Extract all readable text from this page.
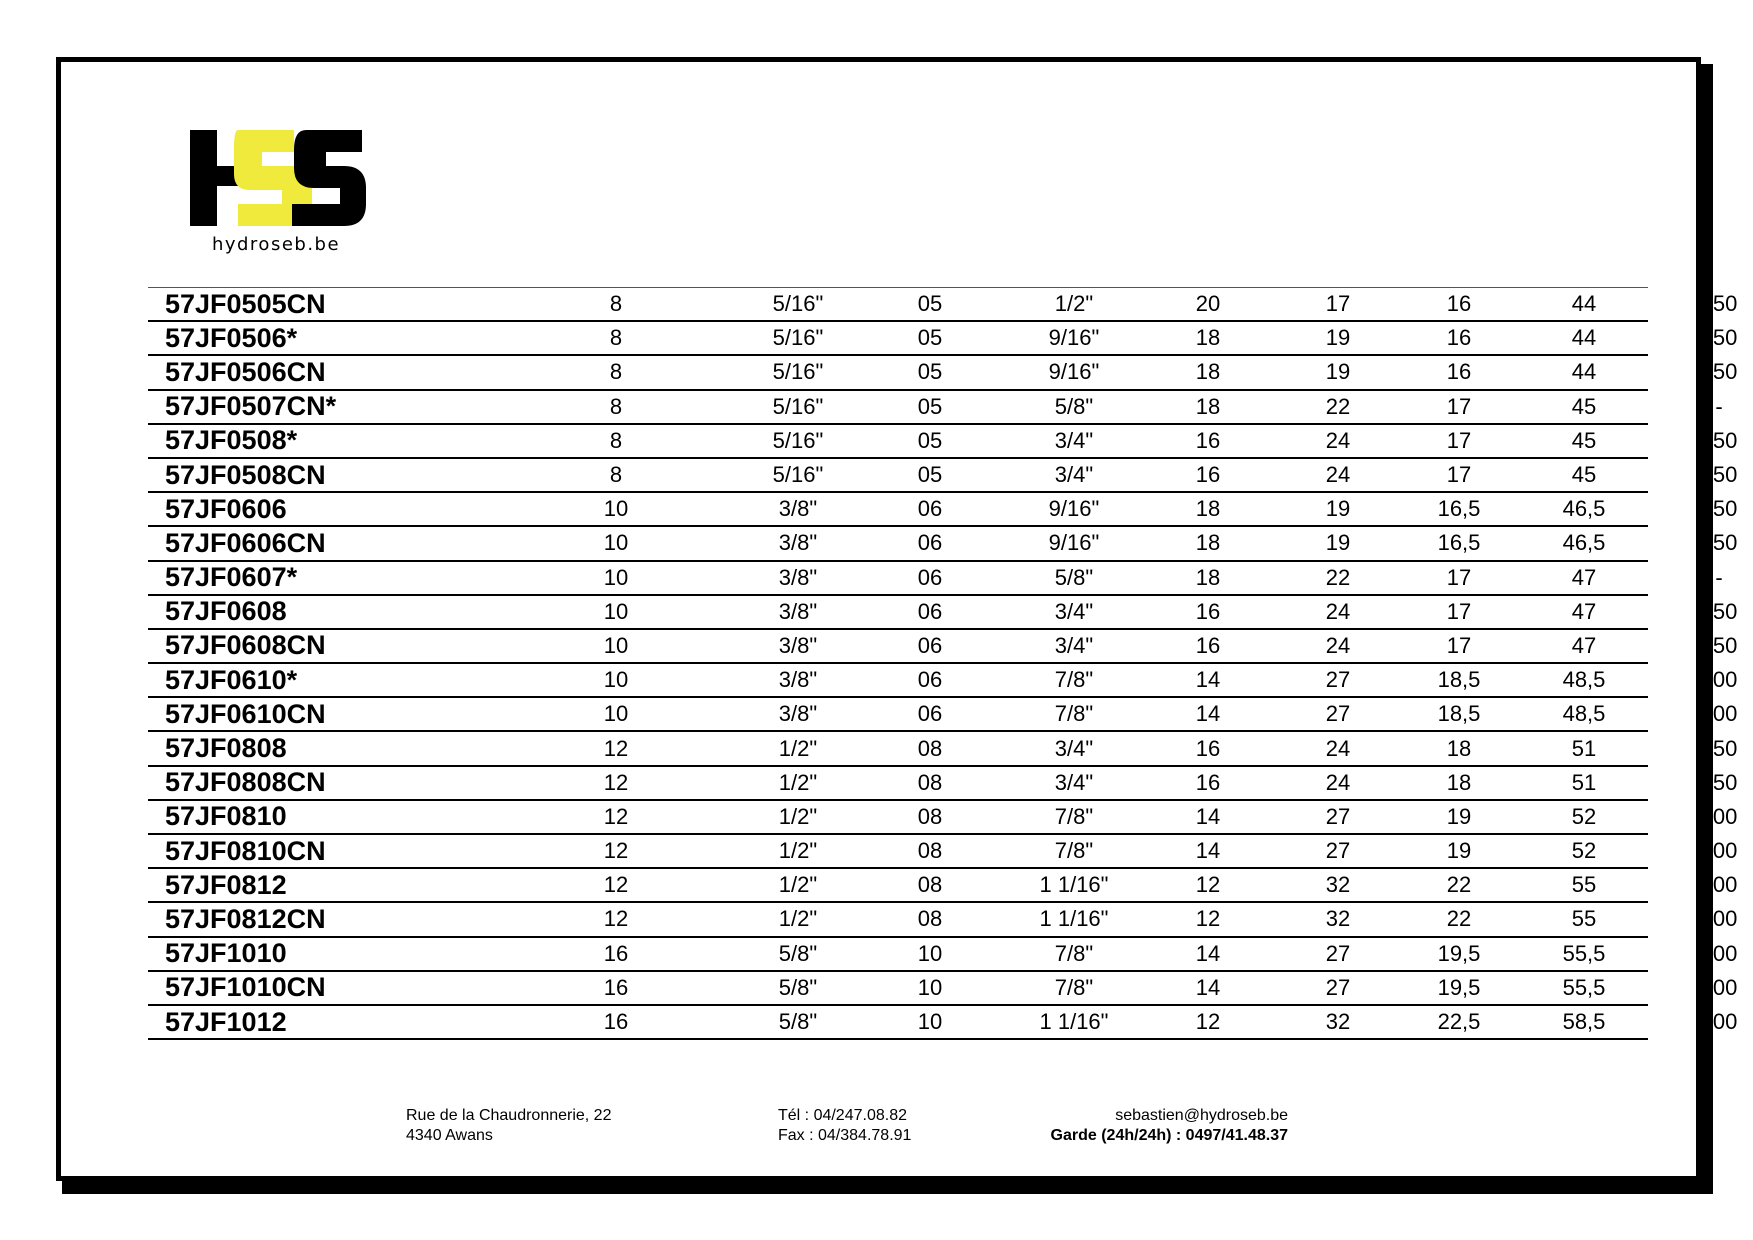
hydroseb.be
57JF0505CN	8	5/16"	05	1/2"	20	17	16	44	350
57JF0506*	8	5/16"	05	9/16"	18	19	16	44	250
57JF0506CN	8	5/16"	05	9/16"	18	19	16	44	250
57JF0507CN*	8	5/16"	05	5/8"	18	22	17	45	-
57JF0508*	8	5/16"	05	3/4"	16	24	17	45	250
57JF0508CN	8	5/16"	05	3/4"	16	24	17	45	250
57JF0606	10	3/8"	06	9/16"	18	19	16,5	46,5	250
57JF0606CN	10	3/8"	06	9/16"	18	19	16,5	46,5	250
57JF0607*	10	3/8"	06	5/8"	18	22	17	47	-
57JF0608	10	3/8"	06	3/4"	16	24	17	47	250
57JF0608CN	10	3/8"	06	3/4"	16	24	17	47	250
57JF0610*	10	3/8"	06	7/8"	14	27	18,5	48,5	200
57JF0610CN	10	3/8"	06	7/8"	14	27	18,5	48,5	200
57JF0808	12	1/2"	08	3/4"	16	24	18	51	250
57JF0808CN	12	1/2"	08	3/4"	16	24	18	51	250
57JF0810	12	1/2"	08	7/8"	14	27	19	52	200
57JF0810CN	12	1/2"	08	7/8"	14	27	19	52	200
57JF0812	12	1/2"	08	1 1/16"	12	32	22	55	200
57JF0812CN	12	1/2"	08	1 1/16"	12	32	22	55	200
57JF1010	16	5/8"	10	7/8"	14	27	19,5	55,5	200
57JF1010CN	16	5/8"	10	7/8"	14	27	19,5	55,5	200
57JF1012	16	5/8"	10	1 1/16"	12	32	22,5	58,5	200
Rue de la Chaudronnerie, 22
4340 Awans
Tél : 04/247.08.82
Fax : 04/384.78.91
sebastien@hydroseb.be
Garde (24h/24h) : 0497/41.48.37
